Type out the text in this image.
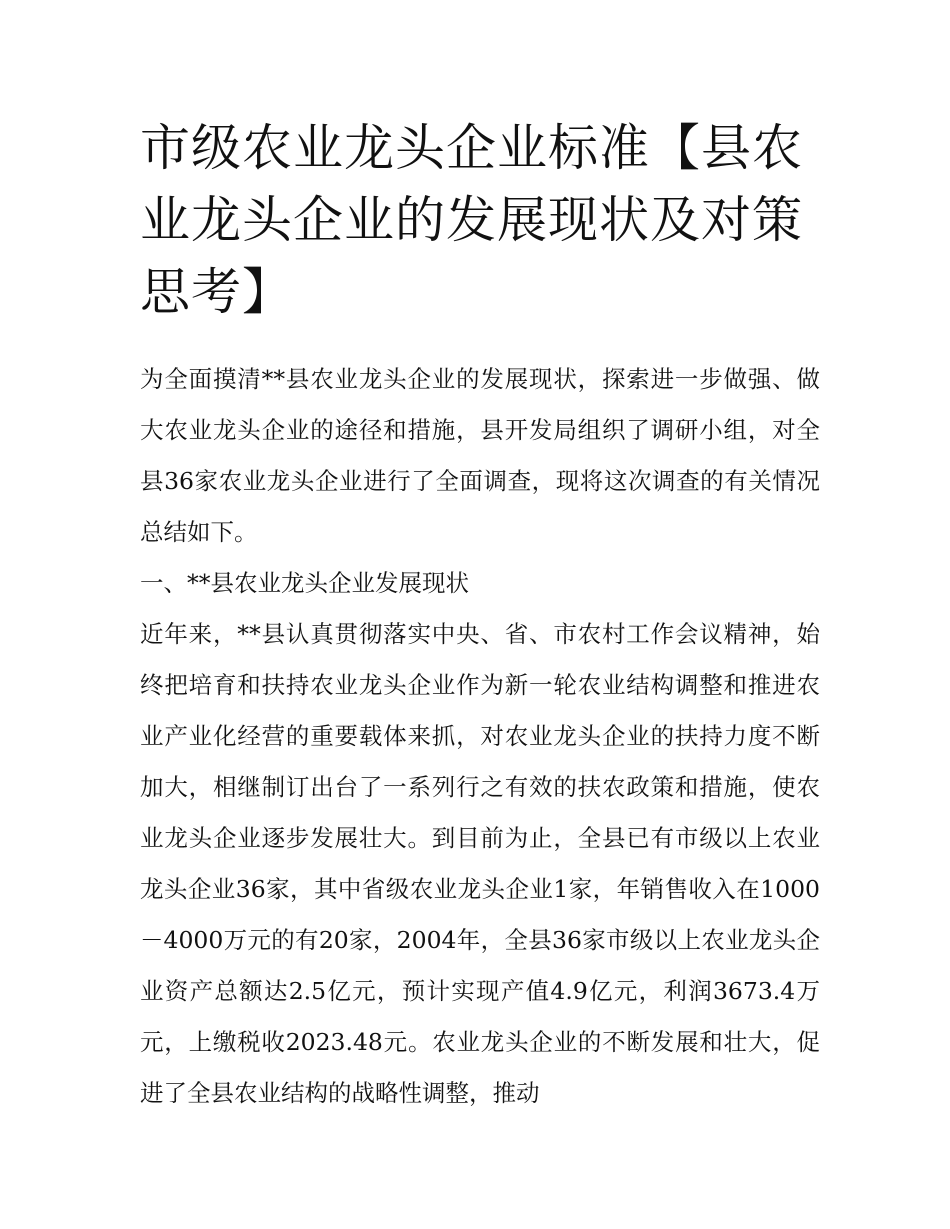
市级农业龙头企业标准【县农业龙头企业的发展现状及对策思考】

为全面摸清**县农业龙头企业的发展现状，探索进一步做强、做大农业龙头企业的途径和措施，县开发局组织了调研小组，对全县36家农业龙头企业进行了全面调查，现将这次调查的有关情况总结如下。

一、**县农业龙头企业发展现状

近年来，**县认真贯彻落实中央、省、市农村工作会议精神，始终把培育和扶持农业龙头企业作为新一轮农业结构调整和推进农业产业化经营的重要载体来抓，对农业龙头企业的扶持力度不断加大，相继制订出台了一系列行之有效的扶农政策和措施，使农业龙头企业逐步发展壮大。到目前为止，全县已有市级以上农业龙头企业36家，其中省级农业龙头企业1家，年销售收入在1000－4000万元的有20家，2004年，全县36家市级以上农业龙头企业资产总额达2.5亿元，预计实现产值4.9亿元，利润3673.4万元，上缴税收2023.48元。农业龙头企业的不断发展和壮大，促进了全县农业结构的战略性调整，推动
